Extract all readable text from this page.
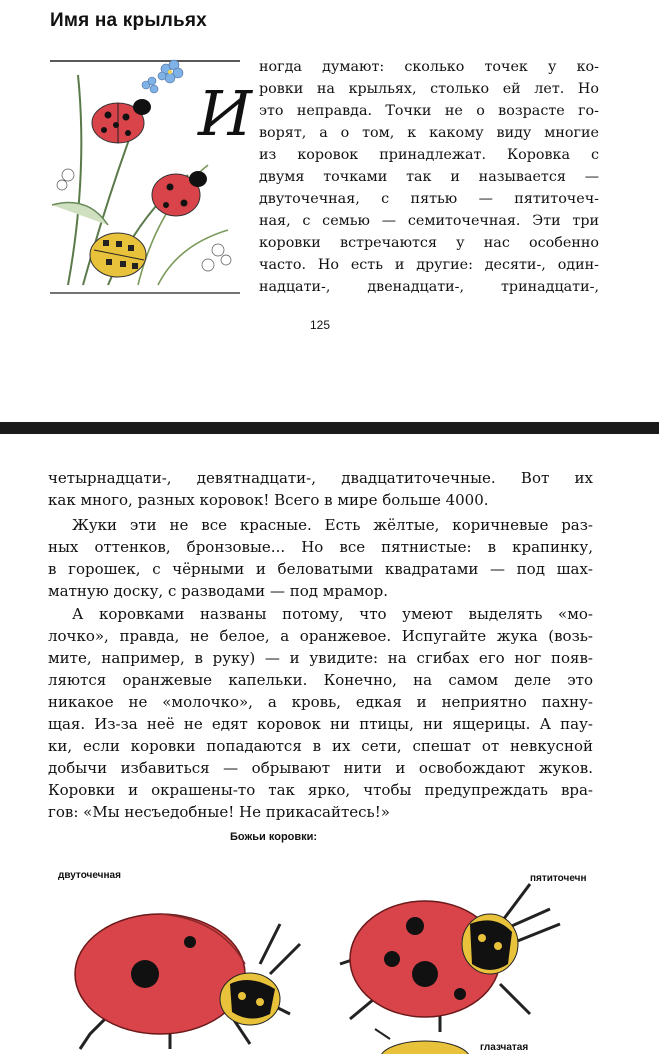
Имя на крыльях
И
ногда думают: сколько точек у ко-
ровки на крыльях, столько ей лет. Но
это неправда. Точки не о возрасте го-
ворят, а о том, к какому виду многие
из коровок принадлежат. Коровка с
двумя точками так и называется —
двуточечная, с пятью — пятиточеч-
ная, с семью — семиточечная. Эти три
коровки встречаются у нас особенно
часто. Но есть и другие: десяти-, один-
надцати-, двенадцати-, тринадцати-,
125
четырнадцати-, девятнадцати-, двадцатиточечные. Вот их
как много, разных коровок! Всего в мире больше 4000.
Жуки эти не все красные. Есть жёлтые, коричневые раз-
ных оттенков, бронзовые... Но все пятнистые: в крапинку,
в горошек, с чёрными и беловатыми квадратами — под шах-
матную доску, с разводами — под мрамор.
А коровками названы потому, что умеют выделять «мо-
лочко», правда, не белое, а оранжевое. Испугайте жука (возь-
мите, например, в руку) — и увидите: на сгибах его ног появ-
ляются оранжевые капельки. Конечно, на самом деле это
никакое не «молочко», а кровь, едкая и неприятно пахну-
щая. Из-за неё не едят коровок ни птицы, ни ящерицы. А пау-
ки, если коровки попадаются в их сети, спешат от невкусной
добычи избавиться — обрывают нити и освобождают жуков.
Коровки и окрашены-то так ярко, чтобы предупреждать вра-
гов: «Мы несъедобные! Не прикасайтесь!»
Божьи коровки:
двуточечная	пятиточечн
глазчатая
